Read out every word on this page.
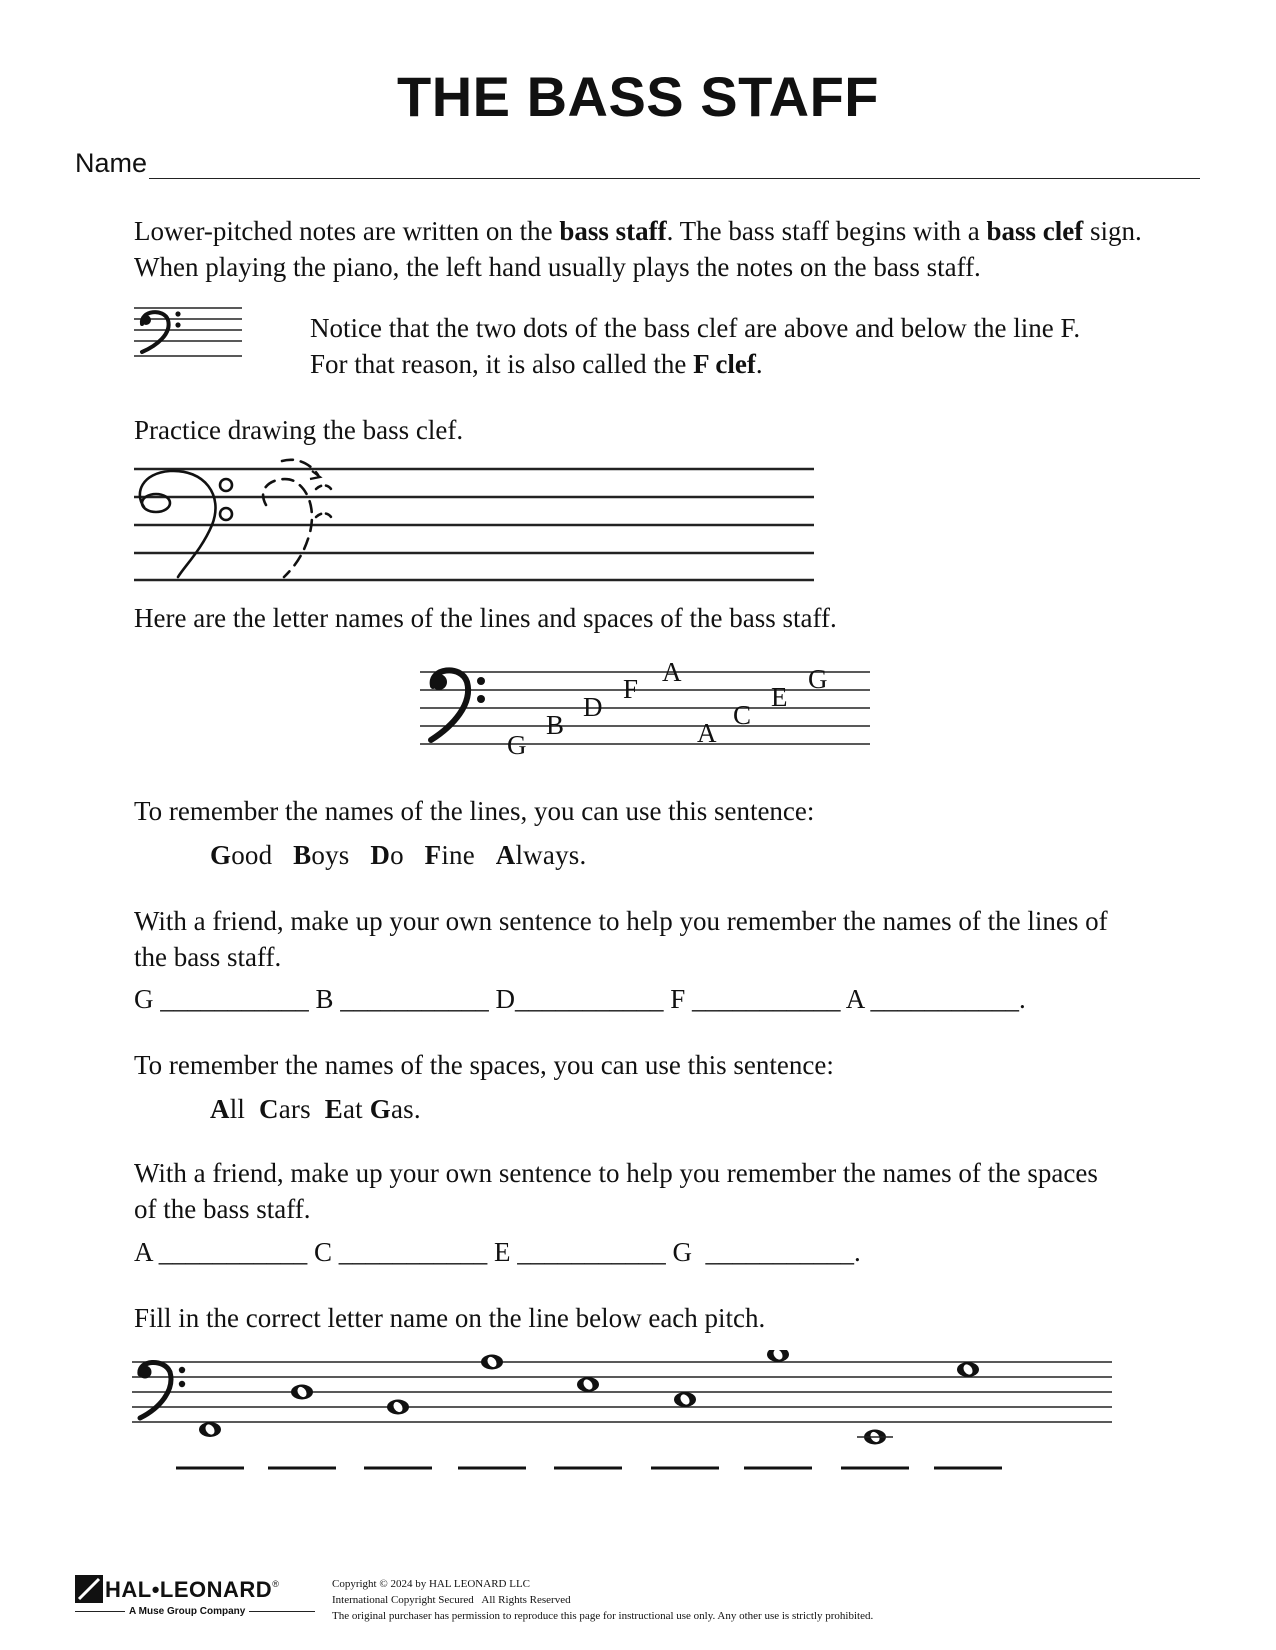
THE BASS STAFF
Name
Lower-pitched notes are written on the bass staff. The bass staff begins with a bass clef sign. When playing the piano, the left hand usually plays the notes on the bass staff.
Notice that the two dots of the bass clef are above and below the line F.
For that reason, it is also called the F clef.
Practice drawing the bass clef.
Here are the letter names of the lines and spaces of the bass staff.
G
B
D
F
A
A
C
E
G
To remember the names of the lines, you can use this sentence:
Good Boys Do Fine Always.
With a friend, make up your own sentence to help you remember the names of the lines of the bass staff.
G ___________ B ___________ D___________ F ___________ A ___________.
To remember the names of the spaces, you can use this sentence:
All Cars Eat Gas.
With a friend, make up your own sentence to help you remember the names of the spaces of the bass staff.
A ___________ C ___________ E ___________ G  ___________.
Fill in the correct letter name on the line below each pitch.
HAL•LEONARD ®
A Muse Group Company
Copyright © 2024 by HAL LEONARD LLC
International Copyright Secured   All Rights Reserved
The original purchaser has permission to reproduce this page for instructional use only. Any other use is strictly prohibited.
